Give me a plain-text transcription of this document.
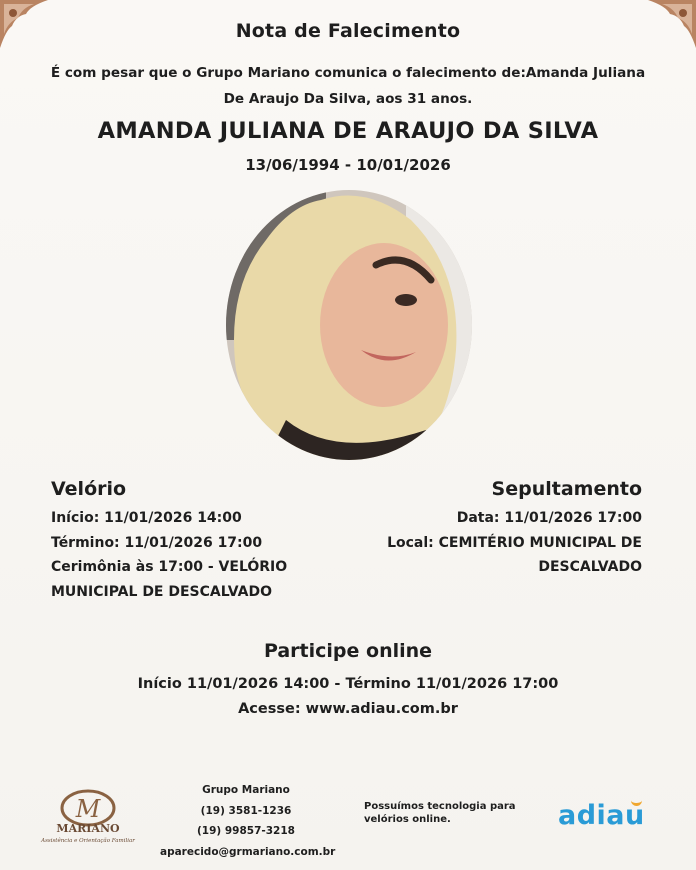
Nota de Falecimento
É com pesar que o Grupo Mariano comunica o falecimento de:Amanda Juliana
De Araujo Da Silva, aos 31 anos.
AMANDA JULIANA DE ARAUJO DA SILVA
13/06/1994 - 10/01/2026
Velório
Início: 11/01/2026 14:00
Término: 11/01/2026 17:00
Cerimônia às 17:00 - VELÓRIO
MUNICIPAL DE DESCALVADO
Sepultamento
Data: 11/01/2026 17:00
Local: CEMITÉRIO MUNICIPAL DE
DESCALVADO
Participe online
Início 11/01/2026 14:00 - Término 11/01/2026 17:00
Acesse: www.adiau.com.br
M
MARIANO
Assistência e Orientação Familiar
Grupo Mariano
(19) 3581-1236
(19) 99857-3218
aparecido@grmariano.com.br
Possuímos tecnologia para
velórios online.	adiau
